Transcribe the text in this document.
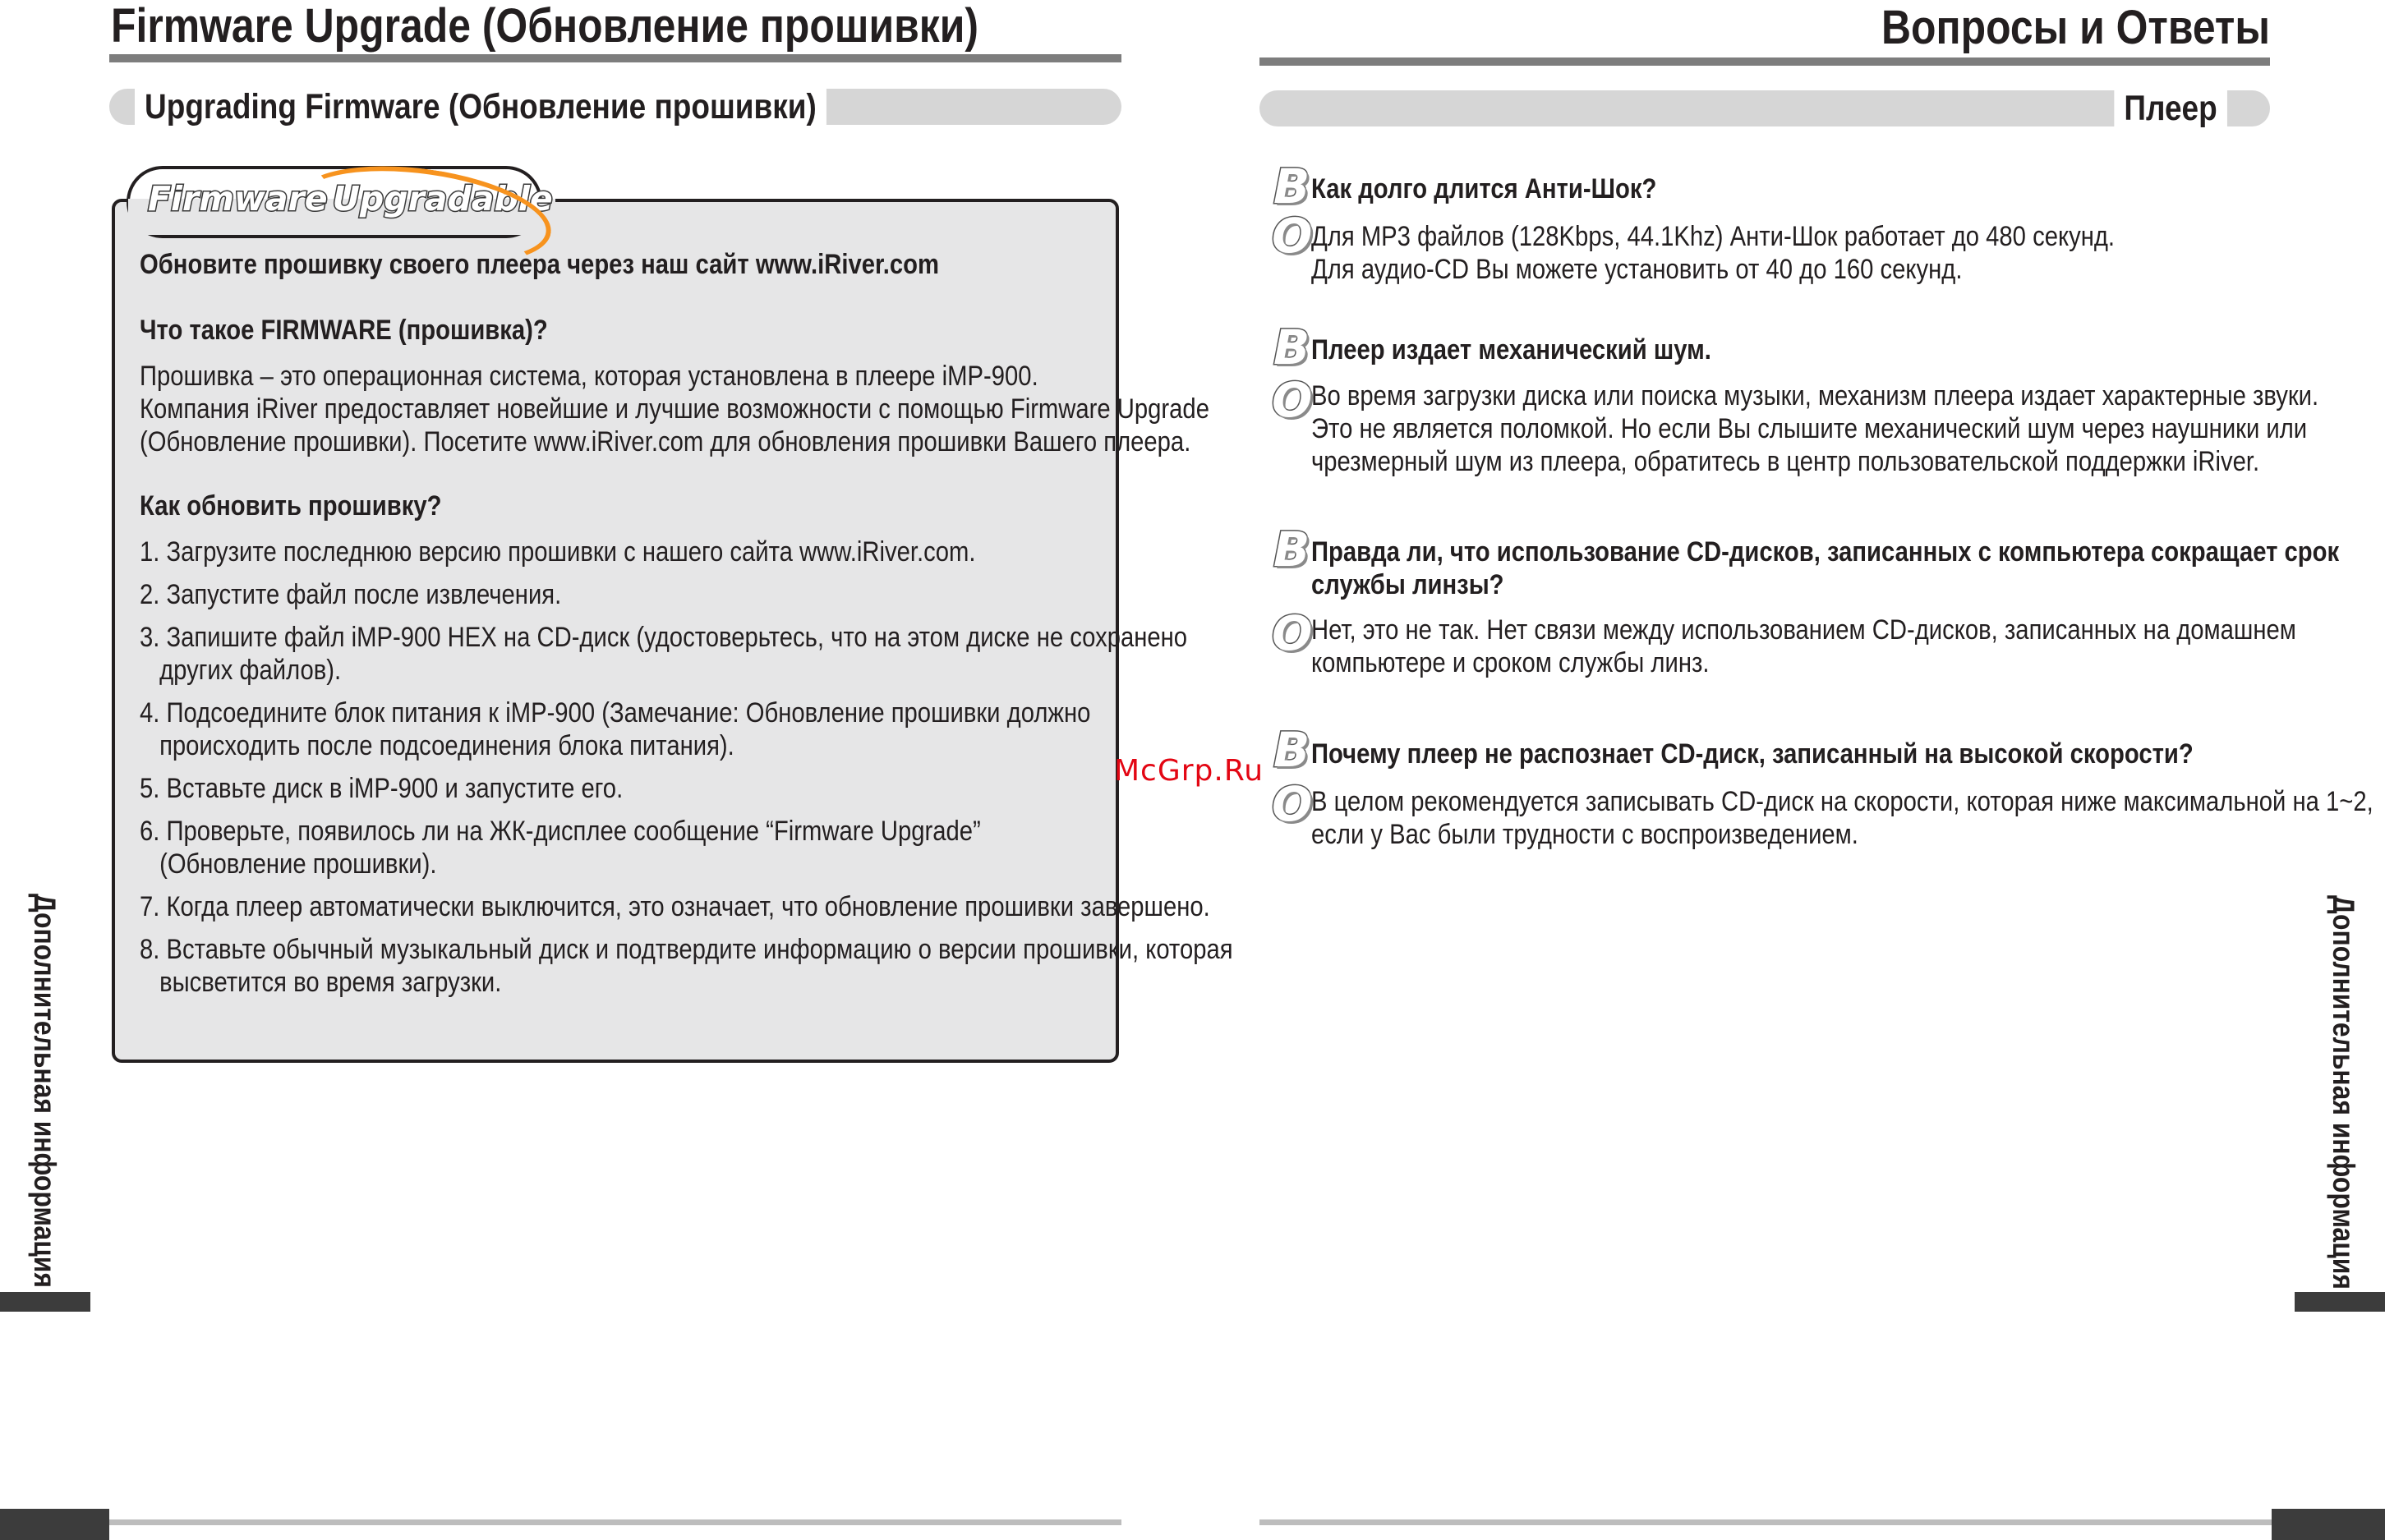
Firmware Upgrade (Обновление прошивки)
Upgrading Firmware (Обновление прошивки)
Firmware Upgradable
Обновите прошивку своего плеера через наш сайт www.iRiver.com
Что такое FIRMWARE (прошивка)?
Прошивка – это операционная система, которая установлена в плеере iMP-900.
Компания iRiver предоставляет новейшие и лучшие возможности с помощью Firmware Upgrade
(Обновление прошивки). Посетите www.iRiver.com для обновления прошивки Вашего плеера.
Как обновить прошивку?
1. Загрузите последнюю версию прошивки с нашего сайта www.iRiver.com.
2. Запустите файл после извлечения.
3. Запишите файл iMP-900 HEX на CD-диск (удостоверьтесь, что на этом диске не сохранено
другиx файлов).
4. Подсоедините блок питания к iMP-900 (Замечание: Обновление прошивки должно
происходить после подсоединения блока питания).
5. Вставьте диск в iMP-900 и запустите его.
6. Проверьте, появилось ли на ЖК-дисплее сообщение “Firmware Upgrade”
(Обновление прошивки).
7. Когда плеер автоматически выключится, это означает, что обновление прошивки завершено.
8. Вставьте обычный музыкальный диск и подтвердите информацию о версии прошивки, которая
высветится во время загрузки.
Дополнительная информация
McGrp.Ru
Вопросы и Ответы
Плеер
В Как долго длится Анти-Шок?
О
Для MP3 файлов (128Kbps, 44.1Khz) Анти-Шок работает до 480 секунд.
Для аудио-CD Вы можете установить от 40 до 160 секунд.
В Плеер издает механический шум.
О
Во время загрузки диска или поиска музыки, механизм плеера издает характерные звуки.
Это не является поломкой. Но если Вы слышите механический шум через наушники или
чрезмерный шум из плеера, обратитесь в центр пользовательской поддержки iRiver.
В Правда ли, что использование CD-дисков, записанных с компьютера сокращает срок
службы линзы?
О
Нет, это не так. Нет связи между использованием CD-дисков, записанных на домашнем
компьютере и сроком службы линз.
В Почему плеер не распознает CD-диск, записанный на высокой скорости?
О
В целом рекомендуется записывать CD-диск на скорости, которая ниже максимальной на 1~2,
если у Вас были трудности с воспроизведением.
Дополнительная информация
